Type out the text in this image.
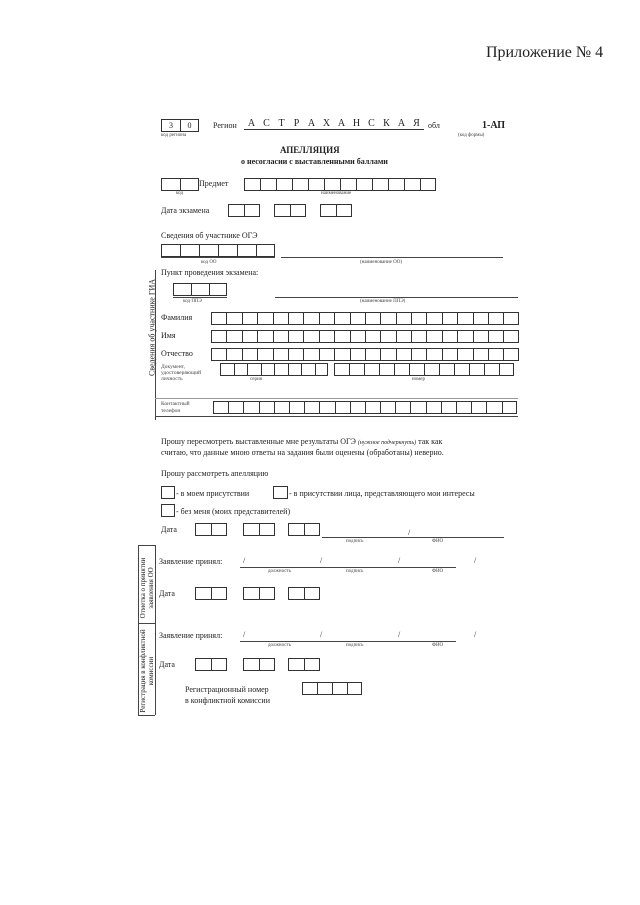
Приложение № 4
3	0
код региона
Регион	А С Т Р А Х А Н С К А Я	обл	1-АП
(код формы)
АПЕЛЛЯЦИЯ
о несогласии с выставленными баллами
Предмет
код	наименование
Дата экзамена
Сведения об участнике ОГЭ
код ОО	(наименование ОО)
Сведения об участнике ГИА
Пункт проведения экзамена:
код ППЭ	(наименование ППЭ)
Фамилия
Имя
Отчество
Документ,
удостоверяющий
личность	серия	номер
Контактный
телефон
Прошу пересмотреть выставленные мне результаты ОГЭ (нужное подчеркнуть) так как
считаю, что данные мною ответы на задания были оценены (обработаны) неверно.
Прошу рассмотреть апелляцию
- в моем присутствии	- в присутствии лица, представляющего мои интересы
- без меня (моих представителей)
Дата	/
подпись	ФИО
Отметка о принятии заявления ОО
Заявление принял:	/	/	/	/
должность	подпись	ФИО
Дата
Регистрация в конфликтной комиссии
Заявление принял:	/	/	/	/
должность	подпись	ФИО
Дата
Регистрационный номер
в конфликтной комиссии
